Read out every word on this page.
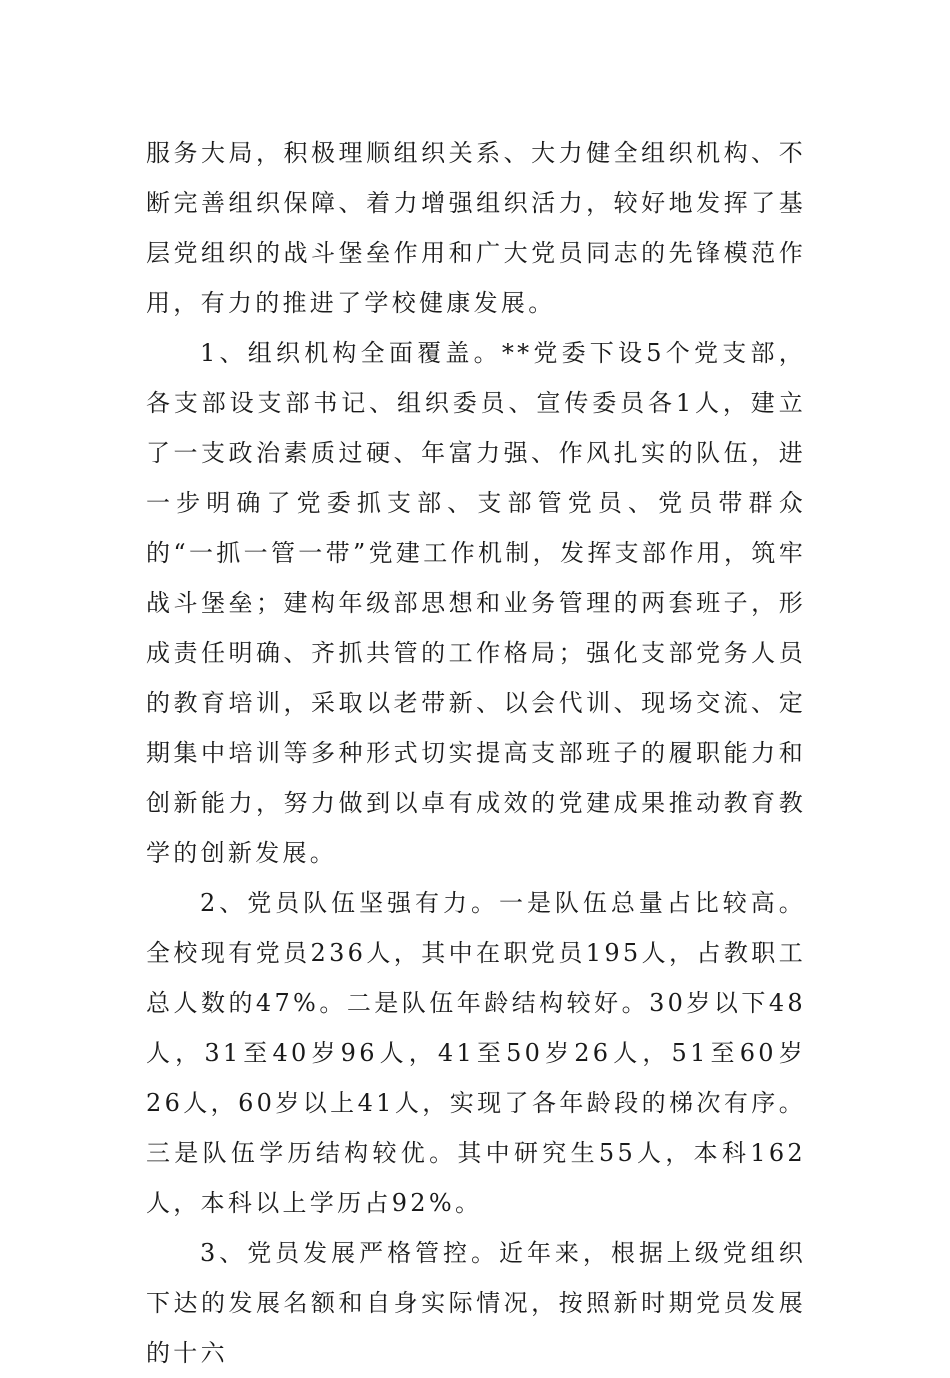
服务大局，积极理顺组织关系、大力健全组织机构、不断完善组织保障、着力增强组织活力，较好地发挥了基层党组织的战斗堡垒作用和广大党员同志的先锋模范作用，有力的推进了学校健康发展。

1、组织机构全面覆盖。**党委下设5个党支部，各支部设支部书记、组织委员、宣传委员各1人，建立了一支政治素质过硬、年富力强、作风扎实的队伍，进一步明确了党委抓支部、支部管党员、党员带群众的“一抓一管一带”党建工作机制，发挥支部作用，筑牢战斗堡垒；建构年级部思想和业务管理的两套班子，形成责任明确、齐抓共管的工作格局；强化支部党务人员的教育培训，采取以老带新、以会代训、现场交流、定期集中培训等多种形式切实提高支部班子的履职能力和创新能力，努力做到以卓有成效的党建成果推动教育教学的创新发展。

2、党员队伍坚强有力。一是队伍总量占比较高。全校现有党员236人，其中在职党员195人，占教职工总人数的47%。二是队伍年龄结构较好。30岁以下48人，31至40岁96人，41至50岁26人，51至60岁26人，60岁以上41人，实现了各年龄段的梯次有序。三是队伍学历结构较优。其中研究生55人，本科162人，本科以上学历占92%。

3、党员发展严格管控。近年来，根据上级党组织下达的发展名额和自身实际情况，按照新时期党员发展的十六
